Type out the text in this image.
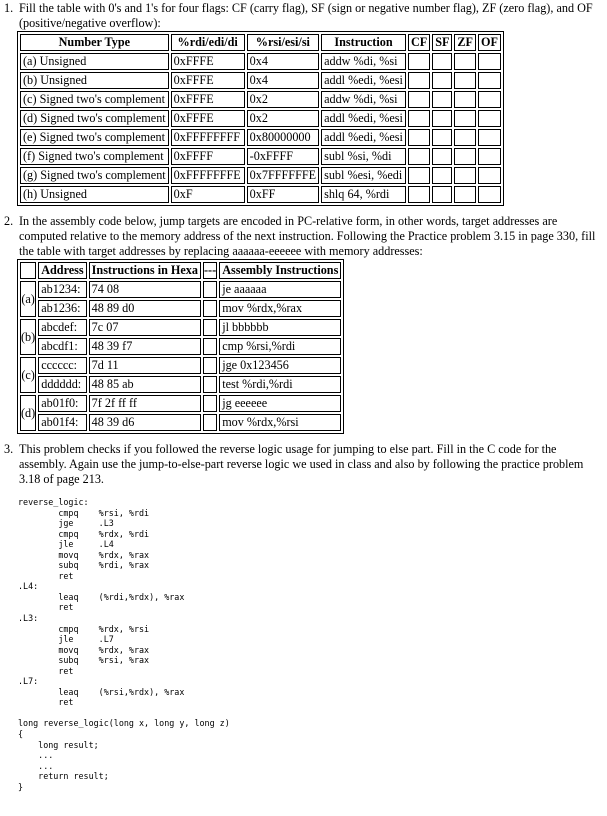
1. Fill the table with 0's and 1's for four flags: CF (carry flag), SF (sign or negative number flag), ZF (zero flag), and OF (positive/negative overflow):
Number Type	%rdi/edi/di	%rsi/esi/si	Instruction	CF	SF	ZF	OF
(a) Unsigned	0xFFFE	0x4	addw %di, %si				
(b) Unsigned	0xFFFE	0x4	addl %edi, %esi				
(c) Signed two's complement	0xFFFE	0x2	addw %di, %si				
(d) Signed two's complement	0xFFFE	0x2	addl %edi, %esi				
(e) Signed two's complement	0xFFFFFFFF	0x80000000	addl %edi, %esi				
(f) Signed two's complement	0xFFFF	-0xFFFF	subl %si, %di				
(g) Signed two's complement	0xFFFFFFFE	0x7FFFFFFE	subl %esi, %edi				
(h) Unsigned	0xF	0xFF	shlq 64, %rdi				
2. In the assembly code below, jump targets are encoded in PC-relative form, in other words, target addresses are computed relative to the memory address of the next instruction. Following the Practice problem 3.15 in page 330, fill the table with target addresses by replacing aaaaaa-eeeeee with memory addresses:
	Address	Instructions in Hexa	---	Assembly Instructions
(a)	ab1234:	74 08		je aaaaaa
	ab1236:	48 89 d0		mov %rdx,%rax
(b)	abcdef:	7c 07		jl bbbbbb
	abcdf1:	48 39 f7		cmp %rsi,%rdi
(c)	cccccc:	7d 11		jge 0x123456
	dddddd:	48 85 ab		test %rdi,%rdi
(d)	ab01f0:	7f 2f ff ff		jg eeeeee
	ab01f4:	48 39 d6		mov %rdx,%rsi
3. This problem checks if you followed the reverse logic usage for jumping to else part. Fill in the C code for the assembly. Again use the jump-to-else-part reverse logic we used in class and also by following the practice problem 3.18 of page 213.
reverse_logic:
cmpq    %rsi, %rdi
jge     .L3
cmpq    %rdx, %rdi
jle     .L4
movq    %rdx, %rax
subq    %rdi, %rax
ret
.L4:
leaq    (%rdi,%rdx), %rax
ret
.L3:
cmpq    %rdx, %rsi
jle     .L7
movq    %rdx, %rax
subq    %rsi, %rax
ret
.L7:
leaq    (%rsi,%rdx), %rax
ret
long reverse_logic(long x, long y, long z)
{
long result;
...
...
return result;
}
